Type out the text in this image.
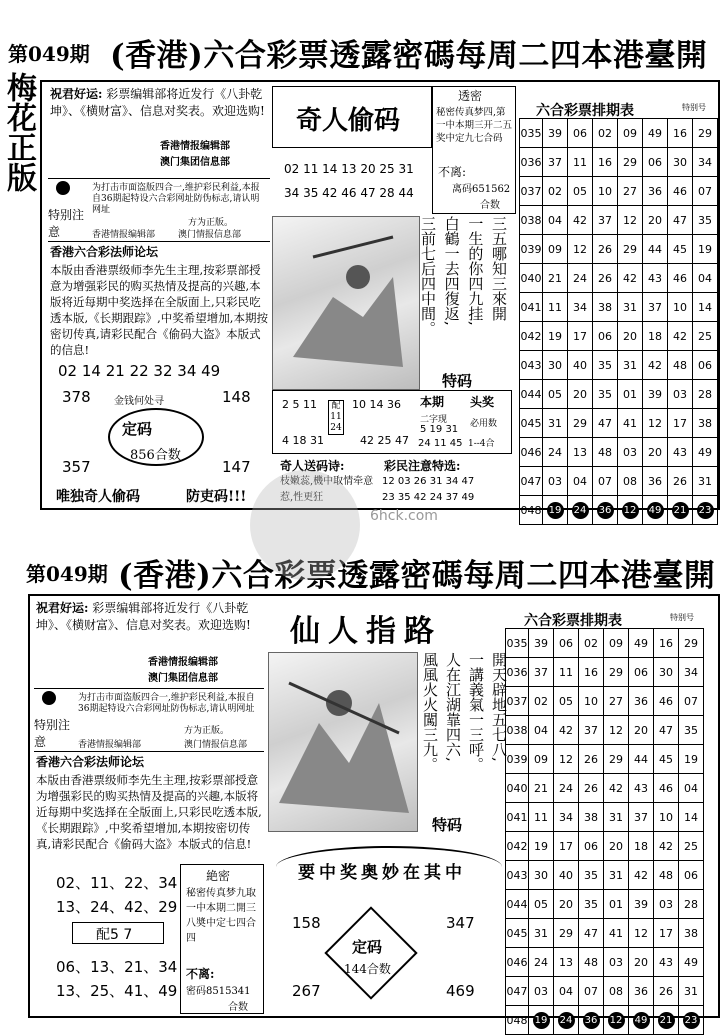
第049期 (香港)六合彩票透露密碼每周二四本港臺開
梅花正版	祝君好运: 彩票编辑部将近发行《八卦乾坤》、《横财富》、信息对奖表。欢迎选购!
香港情报编辑部
澳门集团信息部
特别注意
为打击市面盗版四合一,维护彩民利益,本报自36期起特设六合彩网址防伪标志,请认明网址
方为正版。
香港情报编辑部	澳门情报信息部
香港六合彩法师论坛
本版由香港票级师李先生主理,按彩票部授意为增强彩民的购买热情及提高的兴趣,本版将近每期中奖选择在全版面上,只彩民吃透本版,《长期跟踪》,中奖希望增加,本期按密切传真,请彩民配合《偷码大盗》本版式的信息!
02 14 21 22 32 34 49
378	148
金钱何处寻
定码
856合数
357	147
唯独奇人偷码	防吏码!!!
奇人偷码
02 11 14 13 20 25 31
34 35 42 46 47 28 44
三五哪知三來開
一生的你四九挂,
白鶴一去四復返,
三前七后四中間。
特码
透密
秘密传真梦四,第一中本期三开二五奖中定九七合码
不离:
离码651562
合数
2 5 11
4 18 31
配11 24
10 14 36
42 25 47
本期
二字现
5 19 31
24 11 45
头奖
必用数
1--4合
奇人送码诗:
枝嫩蕊,機中取情牵意惹,性更狂
彩民注意特选:
12 03 26 31 34 47
23 35 42 24 37 49
六合彩票排期表	特别号
035	39	06	02	09	49	16	29
036	37	11	16	29	06	30	34
037	02	05	10	27	36	46	07
038	04	42	37	12	20	47	35
039	09	12	26	29	44	45	19
040	21	24	26	42	43	46	04
041	11	34	38	31	37	10	14
042	19	17	06	20	18	42	25
043	30	40	35	31	42	48	06
044	05	20	35	01	39	03	28
045	31	29	47	41	12	17	38
046	24	13	48	03	20	43	49
047	03	04	07	08	36	26	31
048	19	24	36	12	49	21	23
第049期 (香港)六合彩票透露密碼每周二四本港臺開
祝君好运: 彩票编辑部将近发行《八卦乾坤》、《横财富》、信息对奖表。欢迎选购!
香港情报编辑部
澳门集团信息部
特别注意
为打击市面盗版四合一,维护彩民利益,本报自36期起特设六合彩网址防伪标志,请认明网址
方为正版。
香港情报编辑部	澳门情报信息部
香港六合彩法师论坛
本版由香港票级师李先生主理,按彩票部授意为增强彩民的购买热情及提高的兴趣,本版将近每期中奖选择在全版面上,只彩民吃透本版,《长期跟踪》,中奖希望增加,本期按密切传真,请彩民配合《偷码大盗》本版式的信息!
02、11、22、34
13、24、42、29
配5 7
06、13、21、34
13、25、41、49
絶密
秘密传真梦九取一中本期二開三八奬中定七四合四
不离:
密码8515341
合数
仙人指路
開天辟地五七八,
一講義氣一三呼。
人在江湖靠四六,
風風火火闖三九。
特码
要中奖奥妙在其中
158	347
定码
144合数
267	469
六合彩票排期表	特别号
035	39	06	02	09	49	16	29
036	37	11	16	29	06	30	34
037	02	05	10	27	36	46	07
038	04	42	37	12	20	47	35
039	09	12	26	29	44	45	19
040	21	24	26	42	43	46	04
041	11	34	38	31	37	10	14
042	19	17	06	20	18	42	25
043	30	40	35	31	42	48	06
044	05	20	35	01	39	03	28
045	31	29	47	41	12	17	38
046	24	13	48	03	20	43	49
047	03	04	07	08	36	26	31
048	19	24	36	12	49	21	23
6hck.com
